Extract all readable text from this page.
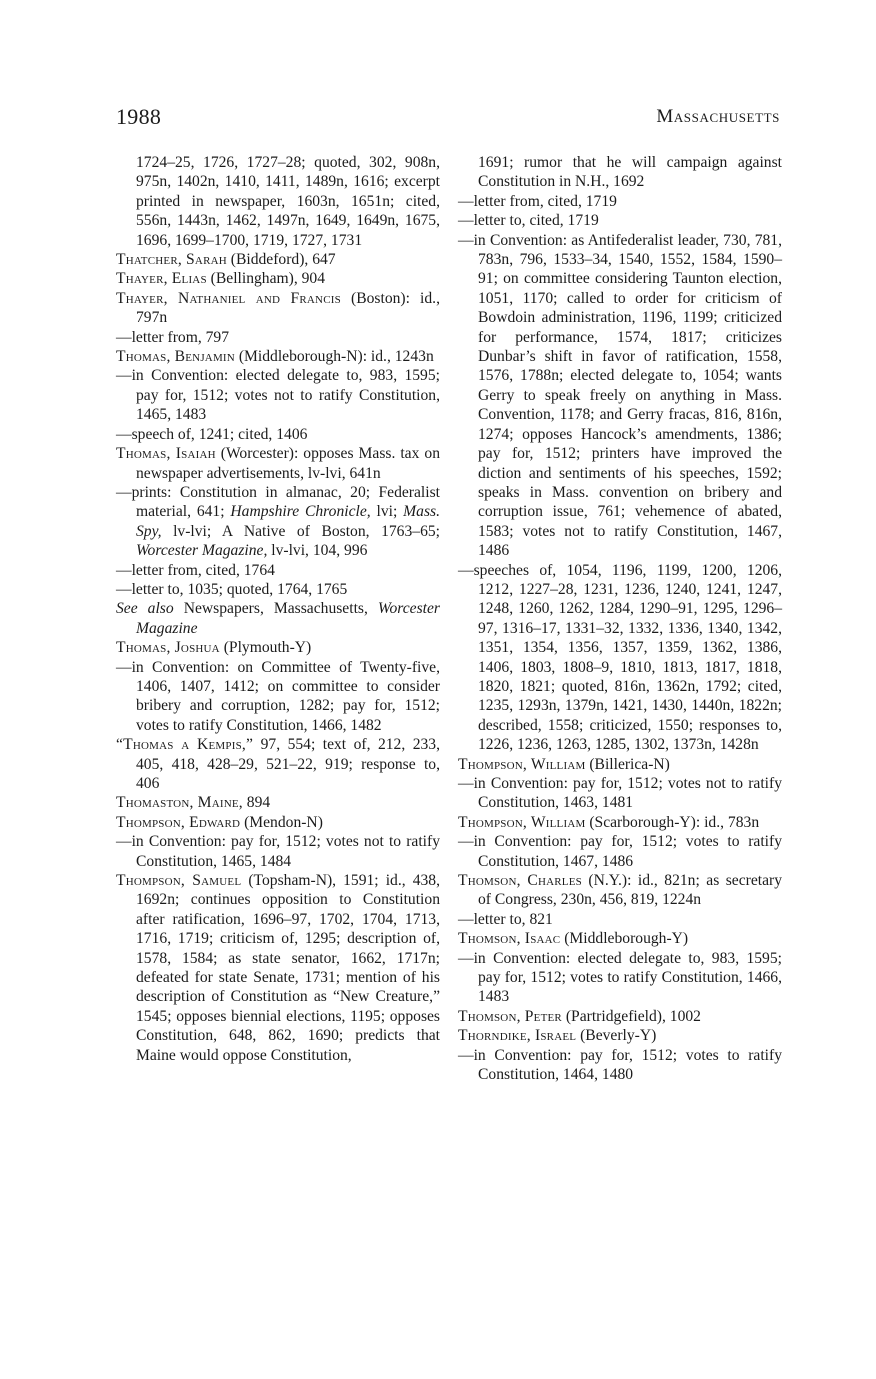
1988	Massachusetts

1724–25, 1726, 1727–28; quoted, 302, 908n, 975n, 1402n, 1410, 1411, 1489n, 1616; excerpt printed in newspaper, 1603n, 1651n; cited, 556n, 1443n, 1462, 1497n, 1649, 1649n, 1675, 1696, 1699–1700, 1719, 1727, 1731

Thatcher, Sarah (Biddeford), 647

Thayer, Elias (Bellingham), 904

Thayer, Nathaniel and Francis (Boston): id., 797n

—letter from, 797

Thomas, Benjamin (Middleborough-N): id., 1243n

—in Convention: elected delegate to, 983, 1595; pay for, 1512; votes not to ratify Constitution, 1465, 1483

—speech of, 1241; cited, 1406

Thomas, Isaiah (Worcester): opposes Mass. tax on newspaper advertisements, lv-lvi, 641n

—prints: Constitution in almanac, 20; Federalist material, 641; Hampshire Chronicle, lvi; Mass. Spy, lv-lvi; A Native of Boston, 1763–65; Worcester Magazine, lv-lvi, 104, 996

—letter from, cited, 1764

—letter to, 1035; quoted, 1764, 1765

See also Newspapers, Massachusetts, Worcester Magazine

Thomas, Joshua (Plymouth-Y)

—in Convention: on Committee of Twenty-five, 1406, 1407, 1412; on committee to consider bribery and corruption, 1282; pay for, 1512; votes to ratify Constitution, 1466, 1482

“Thomas a Kempis,” 97, 554; text of, 212, 233, 405, 418, 428–29, 521–22, 919; response to, 406

Thomaston, Maine, 894

Thompson, Edward (Mendon-N)

—in Convention: pay for, 1512; votes not to ratify Constitution, 1465, 1484

Thompson, Samuel (Topsham-N), 1591; id., 438, 1692n; continues opposition to Constitution after ratification, 1696–97, 1702, 1704, 1713, 1716, 1719; criticism of, 1295; description of, 1578, 1584; as state senator, 1662, 1717n; defeated for state Senate, 1731; mention of his description of Constitution as “New Creature,” 1545; opposes biennial elections, 1195; opposes Constitution, 648, 862, 1690; predicts that Maine would oppose Constitution,

1691; rumor that he will campaign against Constitution in N.H., 1692

—letter from, cited, 1719

—letter to, cited, 1719

—in Convention: as Antifederalist leader, 730, 781, 783n, 796, 1533–34, 1540, 1552, 1584, 1590–91; on committee considering Taunton election, 1051, 1170; called to order for criticism of Bowdoin administration, 1196, 1199; criticized for performance, 1574, 1817; criticizes Dunbar’s shift in favor of ratification, 1558, 1576, 1788n; elected delegate to, 1054; wants Gerry to speak freely on anything in Mass. Convention, 1178; and Gerry fracas, 816, 816n, 1274; opposes Hancock’s amendments, 1386; pay for, 1512; printers have improved the diction and sentiments of his speeches, 1592; speaks in Mass. convention on bribery and corruption issue, 761; vehemence of abated, 1583; votes not to ratify Constitution, 1467, 1486

—speeches of, 1054, 1196, 1199, 1200, 1206, 1212, 1227–28, 1231, 1236, 1240, 1241, 1247, 1248, 1260, 1262, 1284, 1290–91, 1295, 1296–97, 1316–17, 1331–32, 1332, 1336, 1340, 1342, 1351, 1354, 1356, 1357, 1359, 1362, 1386, 1406, 1803, 1808–9, 1810, 1813, 1817, 1818, 1820, 1821; quoted, 816n, 1362n, 1792; cited, 1235, 1293n, 1379n, 1421, 1430, 1440n, 1822n; described, 1558; criticized, 1550; responses to, 1226, 1236, 1263, 1285, 1302, 1373n, 1428n

Thompson, William (Billerica-N)

—in Convention: pay for, 1512; votes not to ratify Constitution, 1463, 1481

Thompson, William (Scarborough-Y): id., 783n

—in Convention: pay for, 1512; votes to ratify Constitution, 1467, 1486

Thomson, Charles (N.Y.): id., 821n; as secretary of Congress, 230n, 456, 819, 1224n

—letter to, 821

Thomson, Isaac (Middleborough-Y)

—in Convention: elected delegate to, 983, 1595; pay for, 1512; votes to ratify Constitution, 1466, 1483

Thomson, Peter (Partridgefield), 1002

Thorndike, Israel (Beverly-Y)

—in Convention: pay for, 1512; votes to ratify Constitution, 1464, 1480
